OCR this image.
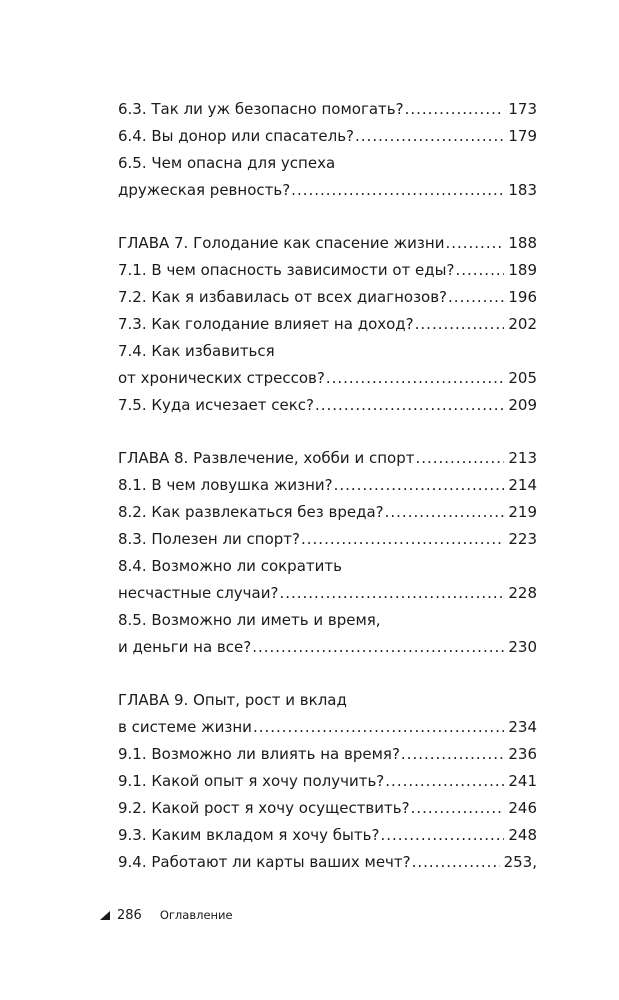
6.3. Так ли уж безопасно помогать? .....	173
6.4. Вы донор или спасатель? .....	179
6.5. Чем опасна для успеха
дружеская ревность? .....	183
ГЛАВА 7. Голодание как спасение жизни .....	188
7.1. В чем опасность зависимости от еды? .....	189
7.2. Как я избавилась от всех диагнозов? .....	196
7.3. Как голодание влияет на доход? .....	202
7.4. Как избавиться
от хронических стрессов? .....	205
7.5. Куда исчезает секс? .....	209
ГЛАВА 8. Развлечение, хобби и спорт .....	213
8.1. В чем ловушка жизни? .....	214
8.2. Как развлекаться без вреда? .....	219
8.3. Полезен ли спорт? .....	223
8.4. Возможно ли сократить
несчастные случаи? .....	228
8.5. Возможно ли иметь и время,
и деньги на все? .....	230
ГЛАВА 9. Опыт, рост и вклад
в системе жизни .....	234
9.1. Возможно ли влиять на время? .....	236
9.1. Какой опыт я хочу получить? .....	241
9.2. Какой рост я хочу осуществить? .....	246
9.3. Каким вкладом я хочу быть? .....	248
9.4. Работают ли карты ваших мечт? .....	253,
286 Оглавление
